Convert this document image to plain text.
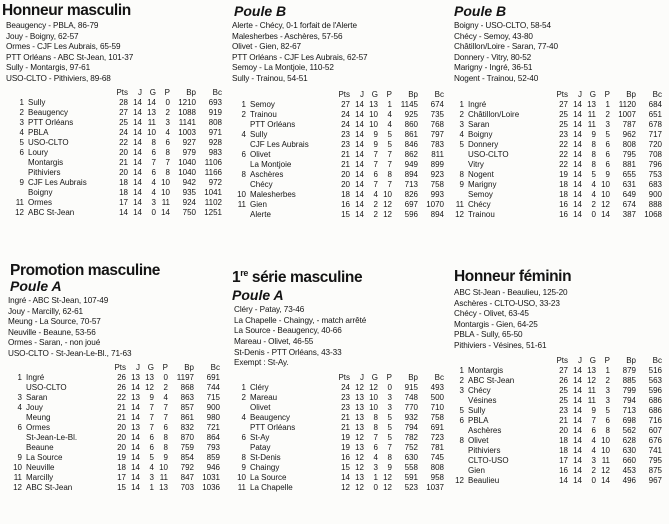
Honneur masculin
Beaugency - PBLA, 86-79
Jouy - Boigny, 62-57
Ormes - CJF Les Aubrais, 65-59
PTT Orléans - ABC St-Jean, 101-37
Sully - Montargis, 97-61
USO-CLTO - Pithiviers, 89-68
		Pts	J	G	P	Bp	Bc
1	Sully	28	14	14	0	1210	693
2	Beaugency	27	14	13	2	1088	919
3	PTT Orléans	25	14	11	3	1141	808
4	PBLA	24	14	10	4	1003	971
5	USO-CLTO	22	14	8	6	927	928
6	Loury	20	14	6	8	979	983
	Montargis	21	14	7	7	1040	1106
	Pithiviers	20	14	6	8	1040	1166
9	CJF Les Aubrais	18	14	4	10	942	972
	Boigny	18	14	4	10	935	1041
11	Ormes	17	14	3	11	924	1102
12	ABC St-Jean	14	14	0	14	750	1251
Promotion masculine
Poule A
Ingré - ABC St-Jean, 107-49
Jouy - Marcilly, 62-61
Meung - La Source, 70-57
Neuville - Beaune, 53-56
Ormes - Saran, - non joué
USO-CLTO - St-Jean-Le-Bl., 71-63
		Pts	J	G	P	Bp	Bc
1	Ingré	26	13	13	0	1197	691
	USO-CLTO	26	14	12	2	868	744
3	Saran	22	13	9	4	863	715
4	Jouy	21	14	7	7	857	900
	Meung	21	14	7	7	861	980
6	Ormes	20	13	7	6	832	721
	St-Jean-Le-Bl.	20	14	6	8	870	864
	Beaune	20	14	6	8	759	793
9	La Source	19	14	5	9	854	859
10	Neuville	18	14	4	10	792	946
11	Marcilly	17	14	3	11	847	1031
12	ABC St-Jean	15	14	1	13	703	1036
Poule B
Alerte - Chécy, 0-1 forfait de l'Alerte
Malesherbes - Aschères, 57-56
Olivet - Gien, 82-67
PTT Orléans - CJF Les Aubrais, 62-57
Semoy - La Montjoie, 110-52
Sully - Trainou, 54-51
		Pts	J	G	P	Bp	Bc
1	Semoy	27	14	13	1	1145	674
2	Trainou	24	14	10	4	925	735
	PTT Orléans	24	14	10	4	860	768
4	Sully	23	14	9	5	861	797
	CJF Les Aubrais	23	14	9	5	846	783
6	Olivet	21	14	7	7	862	811
	La Montjoie	21	14	7	7	949	899
8	Aschères	20	14	6	8	894	923
	Chécy	20	14	7	7	713	758
10	Malesherbes	18	14	4	10	826	993
11	Gien	16	14	2	12	697	1070
	Alerte	15	14	2	12	596	894
1re série masculine
Poule A
Cléry - Patay, 73-46
La Chapelle - Chaingy, - match arrêté
La Source - Beaugency, 40-66
Mareau - Olivet, 46-55
St-Denis - PTT Orléans, 43-33
Exempt : St-Ay.
		Pts	J	G	P	Bp	Bc
1	Cléry	24	12	12	0	915	493
2	Mareau	23	13	10	3	748	500
	Olivet	23	13	10	3	770	710
4	Beaugency	21	13	8	5	932	758
	PTT Orléans	21	13	8	5	794	691
6	St-Ay	19	12	7	5	782	723
	Patay	19	13	6	7	752	781
8	St-Denis	16	12	4	8	630	745
9	Chaingy	15	12	3	9	558	808
10	La Source	14	13	1	12	591	958
11	La Chapelle	12	12	0	12	523	1037
Poule B
Boigny - USO-CLTO, 58-54
Chécy - Semoy, 43-80
Châtillon/Loire - Saran, 77-40
Donnery - Vitry, 80-52
Marigny - Ingré, 36-51
Nogent - Trainou, 52-40
		Pts	J	G	P	Bp	Bc
1	Ingré	27	14	13	1	1120	684
2	Châtillon/Loire	25	14	11	2	1007	651
3	Saran	25	14	11	3	787	678
4	Boigny	23	14	9	5	962	717
5	Donnery	22	14	8	6	808	720
	USO-CLTO	22	14	8	6	795	708
	Vitry	22	14	8	6	881	796
8	Nogent	19	14	5	9	655	753
9	Marigny	18	14	4	10	631	683
	Semoy	18	14	4	10	649	900
11	Chécy	16	14	2	12	674	888
12	Trainou	16	14	0	14	387	1068
Honneur féminin
ABC St-Jean - Beaulieu, 125-20
Aschères - CLTO-USO, 33-23
Chécy - Olivet, 63-45
Montargis - Gien, 64-25
PBLA - Sully, 65-50
Pithiviers - Vésines, 51-61
		Pts	J	G	P	Bp	Bc
1	Montargis	27	14	13	1	879	516
2	ABC St-Jean	26	14	12	2	885	563
3	Chécy	25	14	11	3	799	596
	Vésines	25	14	11	3	794	686
5	Sully	23	14	9	5	713	686
6	PBLA	21	14	7	6	698	716
	Aschères	20	14	6	8	562	607
8	Olivet	18	14	4	10	628	676
	Pithiviers	18	14	4	10	630	741
	CLTO-USO	17	14	3	11	660	795
	Gien	16	14	2	12	453	875
12	Beaulieu	14	14	0	14	496	967
